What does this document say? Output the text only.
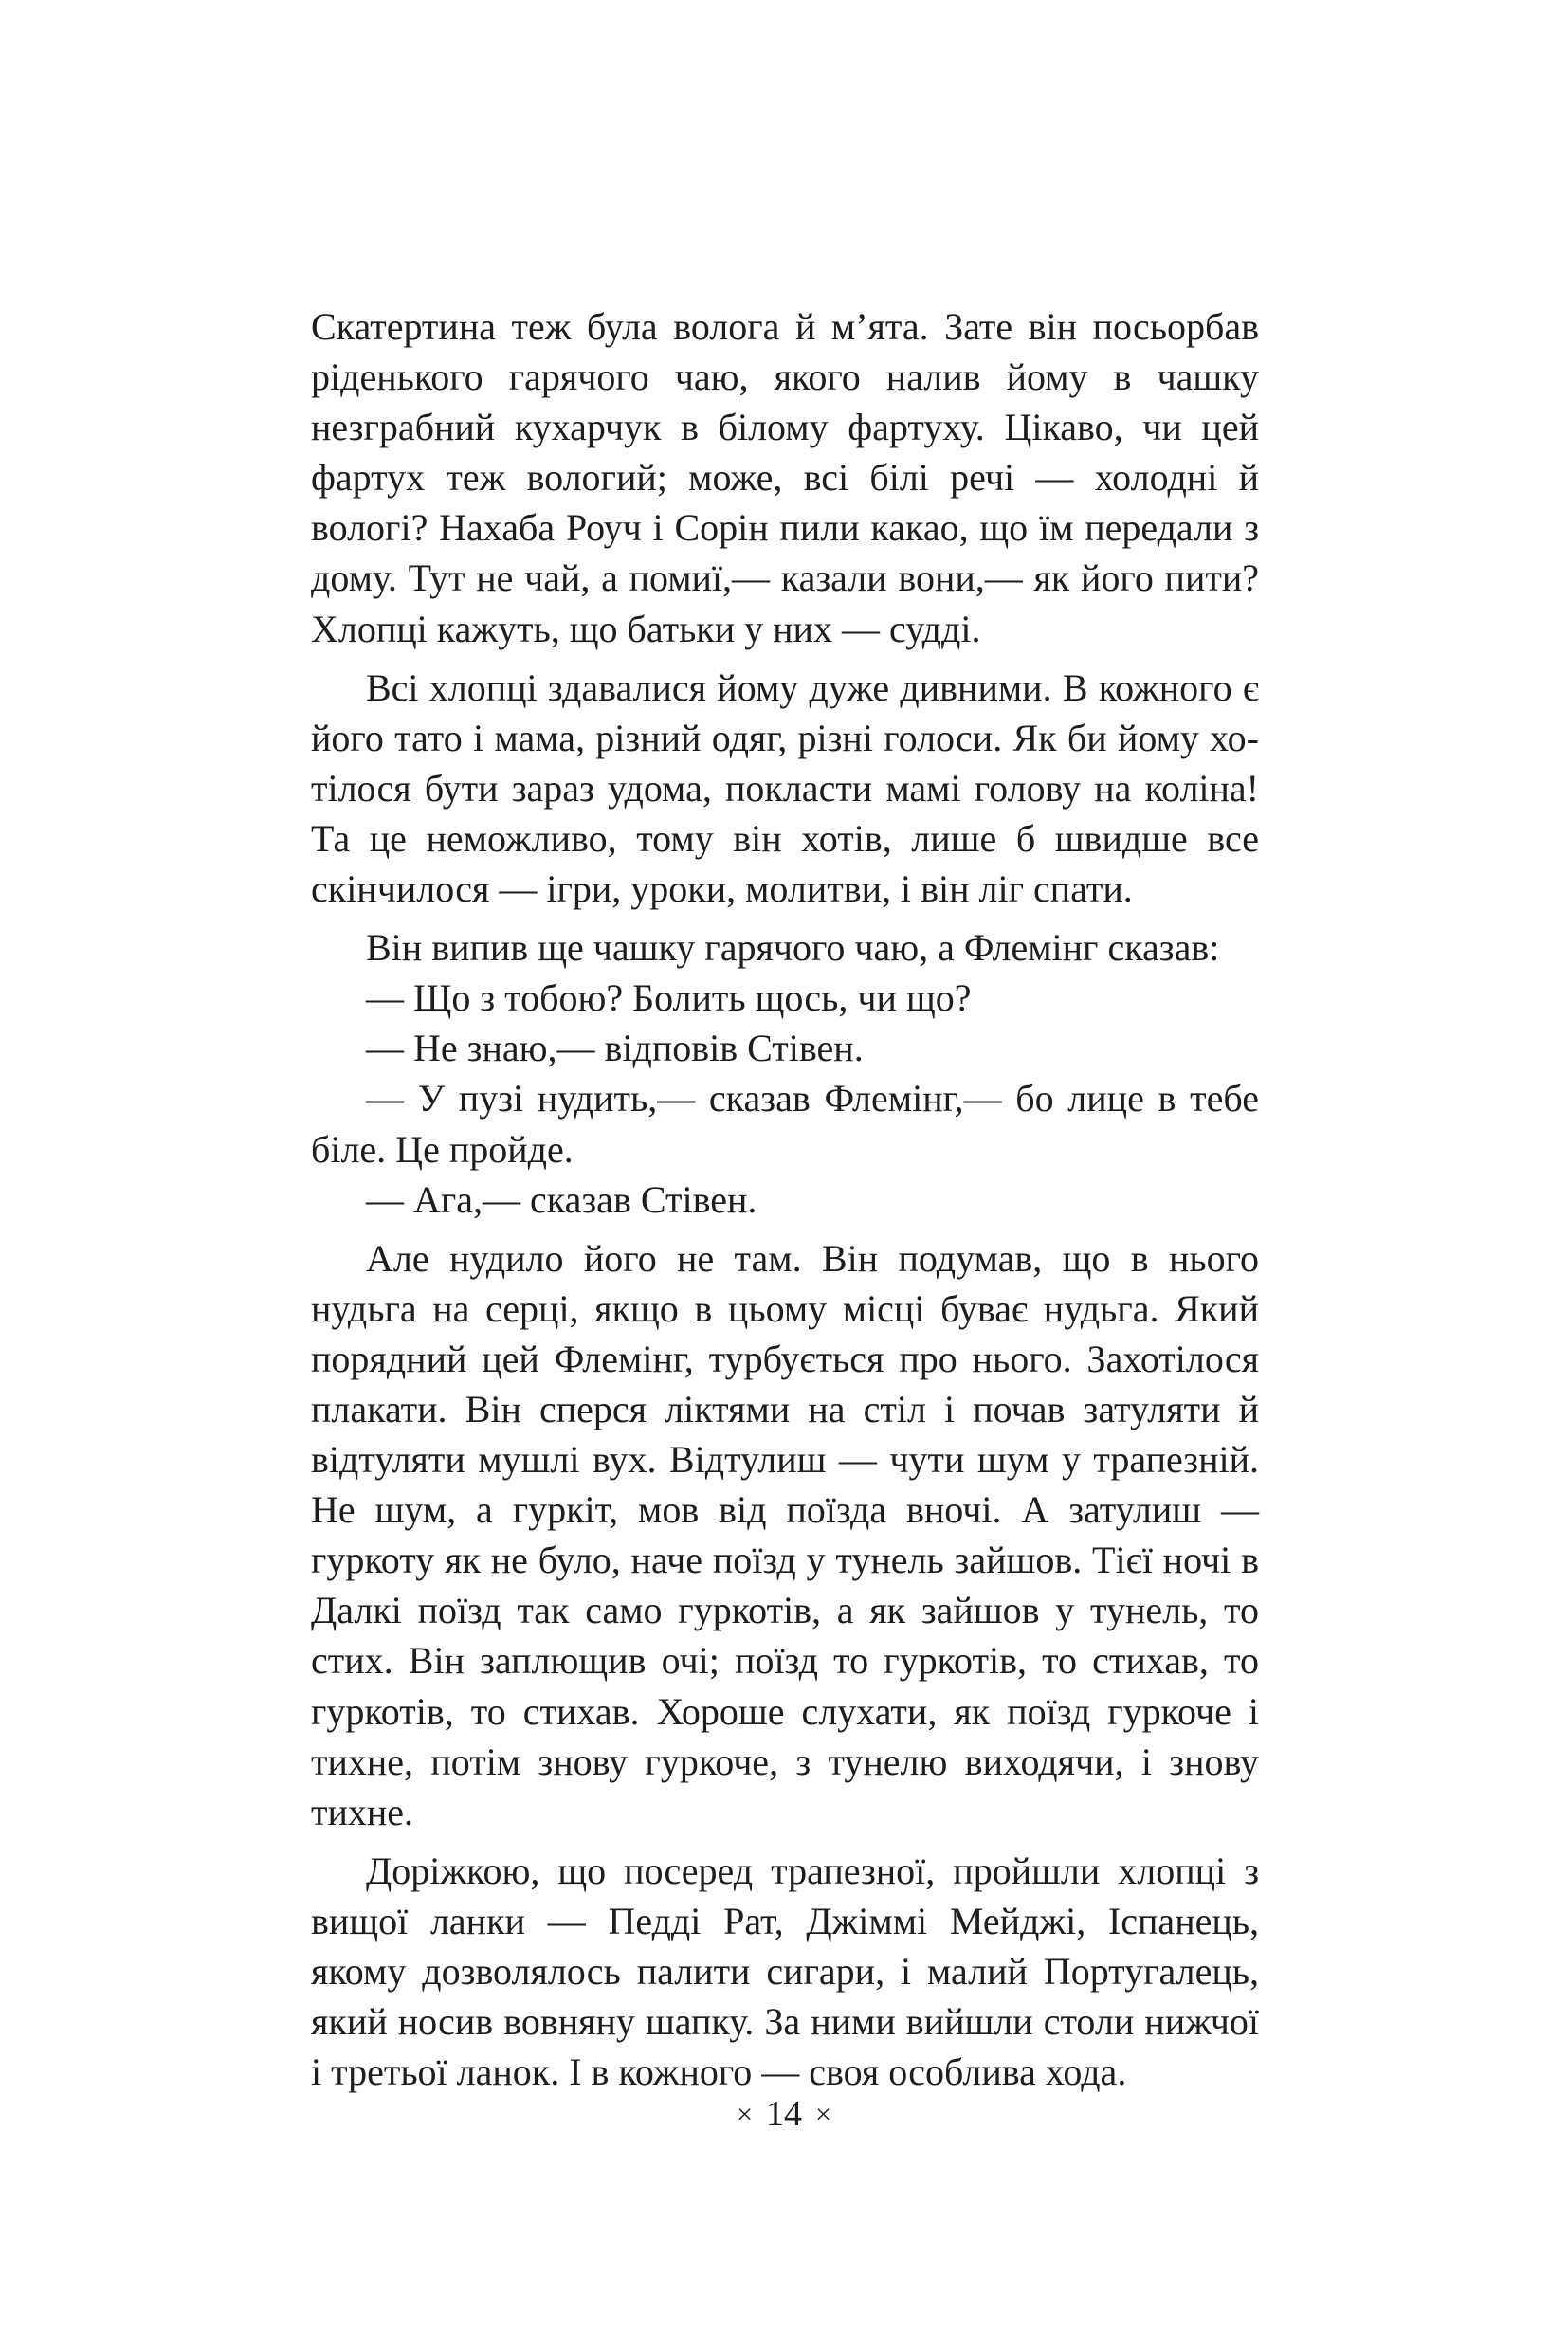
Скатертина теж була волога й м’ята. Зате він посьорбав ріденького гарячого чаю, якого налив йому в чашку незграбний кухарчук в білому фартуху. Цікаво, чи цей фартух теж вологий; може, всі білі речі — холодні й вологі? Нахаба Роуч і Сорін пили какао, що їм передали з дому. Тут не чай, а помиї,— казали вони,— як його пити? Хлопці кажуть, що батьки у них — судді.

Всі хлопці здавалися йому дуже дивними. В кожного є його тато і мама, різний одяг, різні голоси. Як би йому хотілося бути зараз удома, покласти мамі голову на коліна! Та це неможливо, тому він хотів, лише б швидше все скінчилося — ігри, уроки, молитви, і він ліг спати.

Він випив ще чашку гарячого чаю, а Флемінг сказав:

— Що з тобою? Болить щось, чи що?

— Не знаю,— відповів Стівен.

— У пузі нудить,— сказав Флемінг,— бо лице в тебе біле. Це пройде.

— Ага,— сказав Стівен.

Але нудило його не там. Він подумав, що в нього нудьга на серці, якщо в цьому місці буває нудьга. Який порядний цей Флемінг, турбується про нього. Захотілося плакати. Він сперся ліктями на стіл і почав затуляти й відтуляти мушлі вух. Відтулиш — чути шум у трапезній. Не шум, а гуркіт, мов від поїзда вночі. А затулиш — гуркоту як не було, наче поїзд у тунель зайшов. Тієї ночі в Далкі поїзд так само гуркотів, а як зайшов у тунель, то стих. Він заплющив очі; поїзд то гуркотів, то стихав, то гуркотів, то стихав. Хороше слухати, як поїзд гуркоче і тихне, потім знову гуркоче, з тунелю виходячи, і знову тихне.

Доріжкою, що посеред трапезної, пройшли хлопці з вищої ланки — Педді Рат, Джіммі Мейджі, Іспанець, якому дозволялось палити сигари, і малий Португалець, який носив вовняну шапку. За ними вийшли столи нижчої і третьої ланок. І в кожного — своя особлива хода.

× 14 ×
